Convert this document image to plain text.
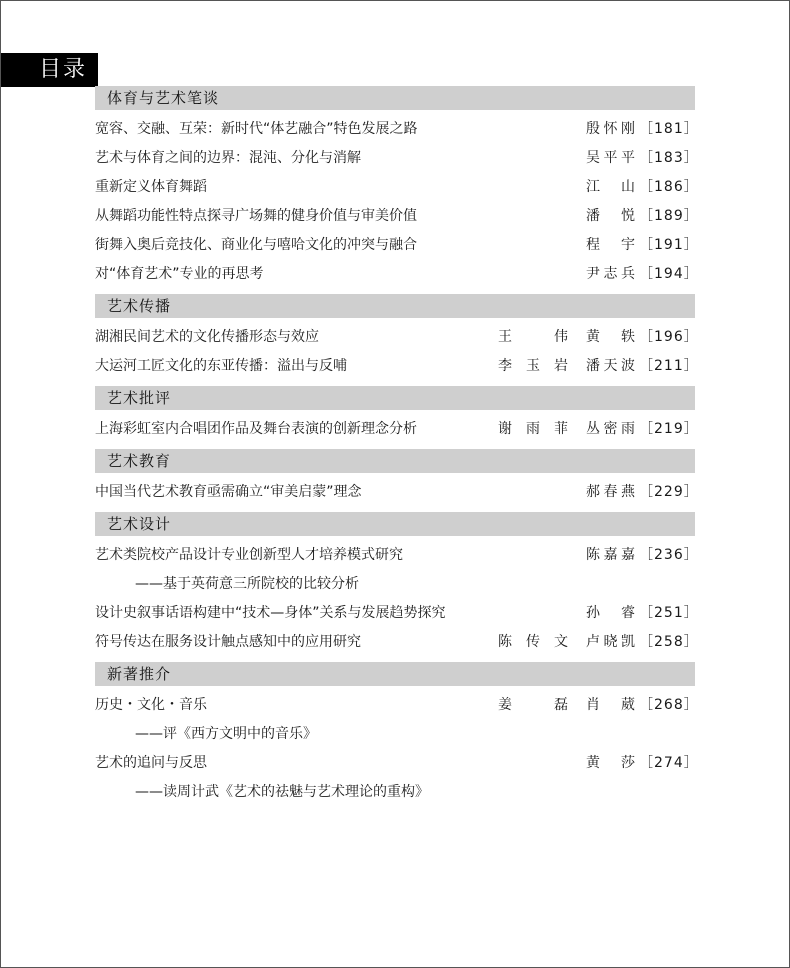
目录
体育与艺术笔谈
宽容、交融、互荣：新时代“体艺融合”特色发展之路	殷怀刚 ［181］
艺术与体育之间的边界：混沌、分化与消解	吴平平 ［183］
重新定义体育舞蹈	江　山 ［186］
从舞蹈功能性特点探寻广场舞的健身价值与审美价值	潘　悦 ［189］
街舞入奥后竞技化、商业化与嘻哈文化的冲突与融合	程　宇 ［191］
对“体育艺术”专业的再思考	尹志兵 ［194］
艺术传播
湖湘民间艺术的文化传播形态与效应	王　伟 黄　轶 ［196］
大运河工匠文化的东亚传播：溢出与反哺	李玉岩 潘天波 ［211］
艺术批评
上海彩虹室内合唱团作品及舞台表演的创新理念分析	谢雨菲 丛密雨 ［219］
艺术教育
中国当代艺术教育亟需确立“审美启蒙”理念	郝春燕 ［229］
艺术设计
艺术类院校产品设计专业创新型人才培养模式研究	陈嘉嘉 ［236］
——基于英荷意三所院校的比较分析
设计史叙事话语构建中“技术—身体”关系与发展趋势探究	孙　睿 ［251］
符号传达在服务设计触点感知中的应用研究	陈传文 卢晓凯 ［258］
新著推介
历史・文化・音乐	姜　磊 肖　葳 ［268］
——评《西方文明中的音乐》
艺术的追问与反思	黄　莎 ［274］
——读周计武《艺术的祛魅与艺术理论的重构》
